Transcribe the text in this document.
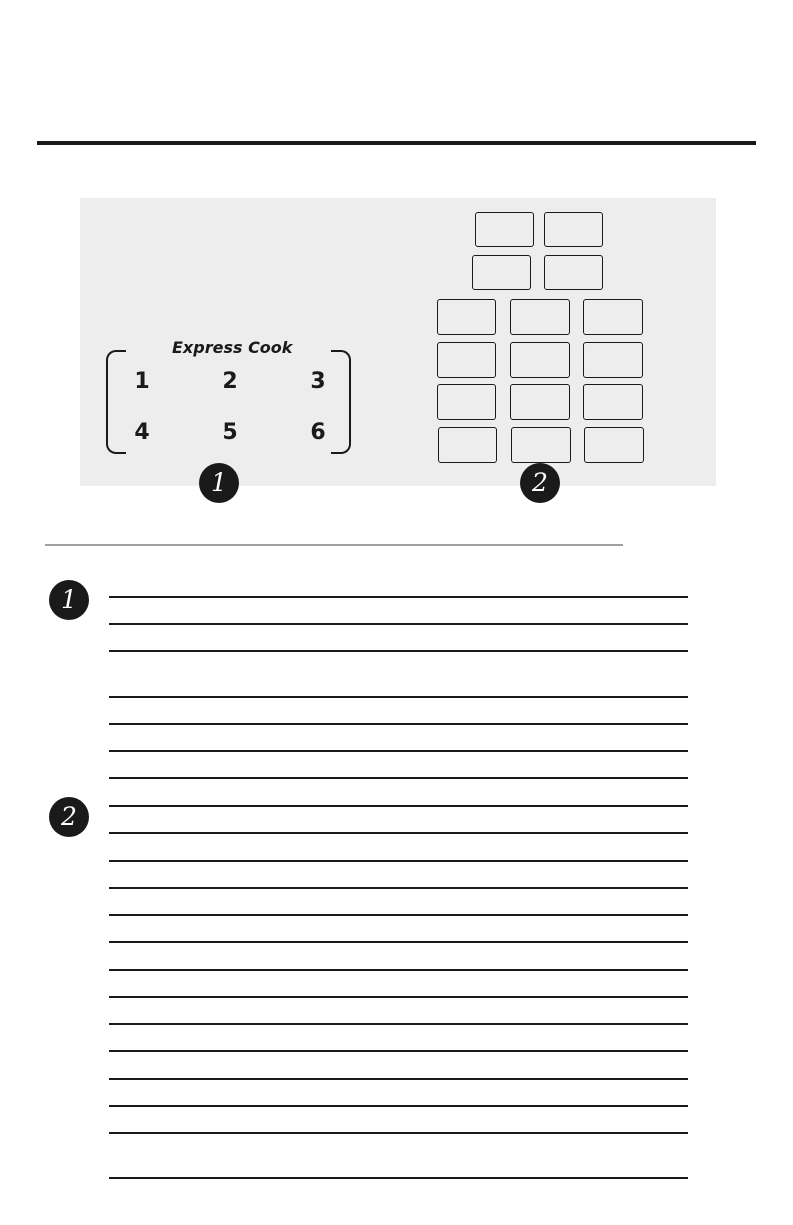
Express Cook
1	2	3
4	5	6
1	2
1
2
